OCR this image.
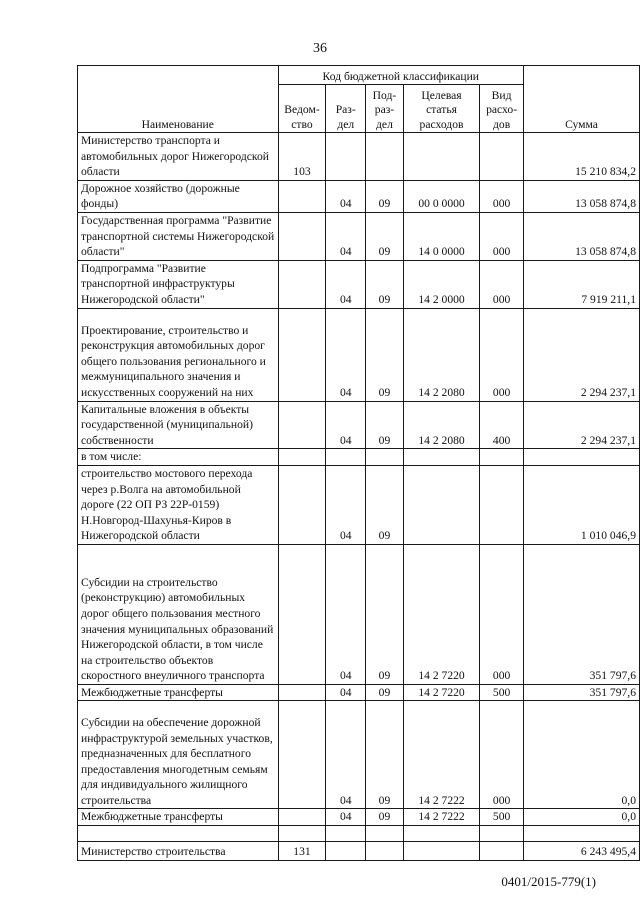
36
Наименование	Код бюджетной классификации					Сумма
	Ведом-ство	Раз-дел	Под-раз-дел	Целевая статья расходов	Вид расхо-дов	
Министерство транспорта и автомобильных дорог Нижегородской области	103					15 210 834,2
Дорожное хозяйство (дорожные фонды)		04	09	00 0 0000	000	13 058 874,8
Государственная программа "Развитие транспортной системы Нижегородской области"		04	09	14 0 0000	000	13 058 874,8
Подпрограмма "Развитие транспортной инфраструктуры Нижегородской области"		04	09	14 2 0000	000	7 919 211,1
Проектирование, строительство и реконструкция автомобильных дорог общего пользования регионального и межмуниципального значения и искусственных сооружений на них		04	09	14 2 2080	000	2 294 237,1
Капитальные вложения в объекты государственной (муниципальной) собственности		04	09	14 2 2080	400	2 294 237,1
в том числе:						
строительство мостового перехода через р.Волга на автомобильной дороге (22 ОП РЗ 22Р-0159) Н.Новгород-Шахунья-Киров в Нижегородской области		04	09			1 010 046,9
Субсидии на строительство (реконструкцию) автомобильных дорог общего пользования местного значения муниципальных образований Нижегородской области, в том числе на строительство объектов скоростного внеуличного транспорта		04	09	14 2 7220	000	351 797,6
Межбюджетные трансферты		04	09	14 2 7220	500	351 797,6
Субсидии на обеспечение дорожной инфраструктурой земельных участков, предназначенных для бесплатного предоставления многодетным семьям для индивидуального жилищного строительства		04	09	14 2 7222	000	0,0
Межбюджетные трансферты		04	09	14 2 7222	500	0,0

Министерство строительства	131					6 243 495,4
0401/2015-779(1)
